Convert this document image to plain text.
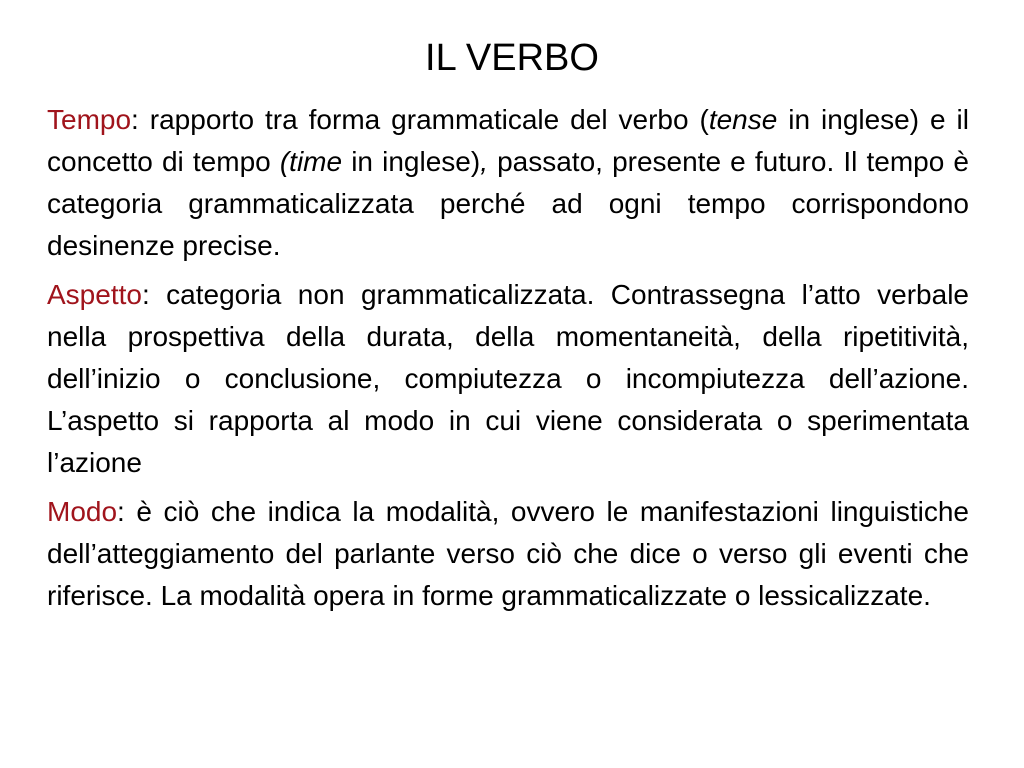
IL VERBO

Tempo: rapporto tra forma grammaticale del verbo (tense in inglese) e il concetto di tempo (time in inglese), passato, presente e futuro. Il tempo è categoria grammaticalizzata perché ad ogni tempo corrispondono desinenze precise.

Aspetto: categoria non grammaticalizzata. Contrassegna l’atto verbale nella prospettiva della durata, della momentaneità, della ripetitività, dell’inizio o conclusione, compiutezza o incompiutezza dell’azione. L’aspetto si rapporta al modo in cui viene considerata o sperimentata l’azione

Modo: è ciò che indica la modalità, ovvero le manifestazioni linguistiche dell’atteggiamento del parlante verso ciò che dice o verso gli eventi che riferisce. La modalità opera in forme grammaticalizzate o lessicalizzate.
